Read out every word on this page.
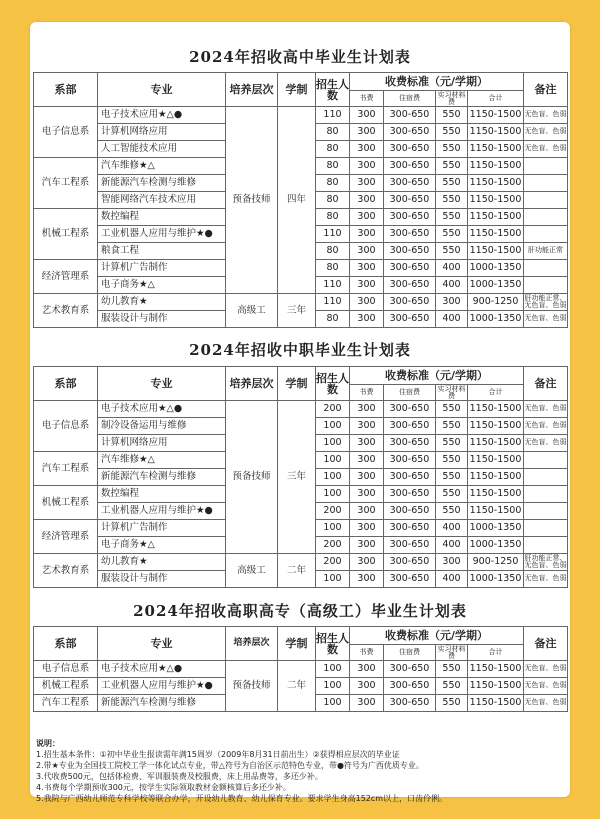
2024年招收高中毕业生计划表
系部	专业	培养层次	学制	招生人数	收费标准（元/学期）				备注
					书费	住宿费	实习材料费	合计	
电子信息系	电子技术应用★△●	预备技师	四年	110	300	300-650	550	1150-1500	无色盲、色弱
	计算机网络应用			80	300	300-650	550	1150-1500	无色盲、色弱
	人工智能技术应用			80	300	300-650	550	1150-1500	无色盲、色弱
汽车工程系	汽车维修★△			80	300	300-650	550	1150-1500	
	新能源汽车检测与维修			80	300	300-650	550	1150-1500	
	智能网络汽车技术应用			80	300	300-650	550	1150-1500	
机械工程系	数控编程			80	300	300-650	550	1150-1500	
	工业机器人应用与维护★●			110	300	300-650	550	1150-1500	
	粮食工程			80	300	300-650	550	1150-1500	肝功能正常
经济管理系	计算机广告制作			80	300	300-650	400	1000-1350	
	电子商务★△			110	300	300-650	400	1000-1350	
艺术教育系	幼儿教育★	高级工	三年	110	300	300-650	300	900-1250	肝功能正常、无色盲、色弱
	服装设计与制作			80	300	300-650	400	1000-1350	无色盲、色弱
2024年招收中职毕业生计划表
系部	专业	培养层次	学制	招生人数	收费标准（元/学期）				备注
					书费	住宿费	实习材料费	合计	
电子信息系	电子技术应用★△●	预备技师	三年	200	300	300-650	550	1150-1500	无色盲、色弱
	制冷设备运用与维修			100	300	300-650	550	1150-1500	无色盲、色弱
	计算机网络应用			100	300	300-650	550	1150-1500	无色盲、色弱
汽车工程系	汽车维修★△			100	300	300-650	550	1150-1500	
	新能源汽车检测与维修			100	300	300-650	550	1150-1500	
机械工程系	数控编程			100	300	300-650	550	1150-1500	
	工业机器人应用与维护★●			200	300	300-650	550	1150-1500	
经济管理系	计算机广告制作			100	300	300-650	400	1000-1350	
	电子商务★△			200	300	300-650	400	1000-1350	
艺术教育系	幼儿教育★	高级工	二年	200	300	300-650	300	900-1250	肝功能正常、无色盲、色弱
	服装设计与制作			100	300	300-650	400	1000-1350	无色盲、色弱
2024年招收高职高专（高级工）毕业生计划表
系部	专业	培养层次	学制	招生人数	收费标准（元/学期）				备注
					书费	住宿费	实习材料费	合计	
电子信息系	电子技术应用★△●	预备技师	二年	100	300	300-650	550	1150-1500	无色盲、色弱
机械工程系	工业机器人应用与维护★●			100	300	300-650	550	1150-1500	无色盲、色弱
汽车工程系	新能源汽车检测与维修			100	300	300-650	550	1150-1500	无色盲、色弱
说明：
1.招生基本条件：①初中毕业生报读需年满15周岁（2009年8月31日前出生）②获得相应层次的毕业证
2.带★专业为全国技工院校工学一体化试点专业，带△符号为自治区示范特色专业，带●符号为广西优质专业。
3.代收费500元，包括体检费、军训服装费及校服费，床上用品费等，多还少补。
4.书费每个学期预收300元，按学生实际领取教材金额核算后多还少补。
5.我院与广西幼儿师范专科学校等联合办学，开设幼儿教育、幼儿保育专业。要求学生身高152cm以上，口齿伶俐。
